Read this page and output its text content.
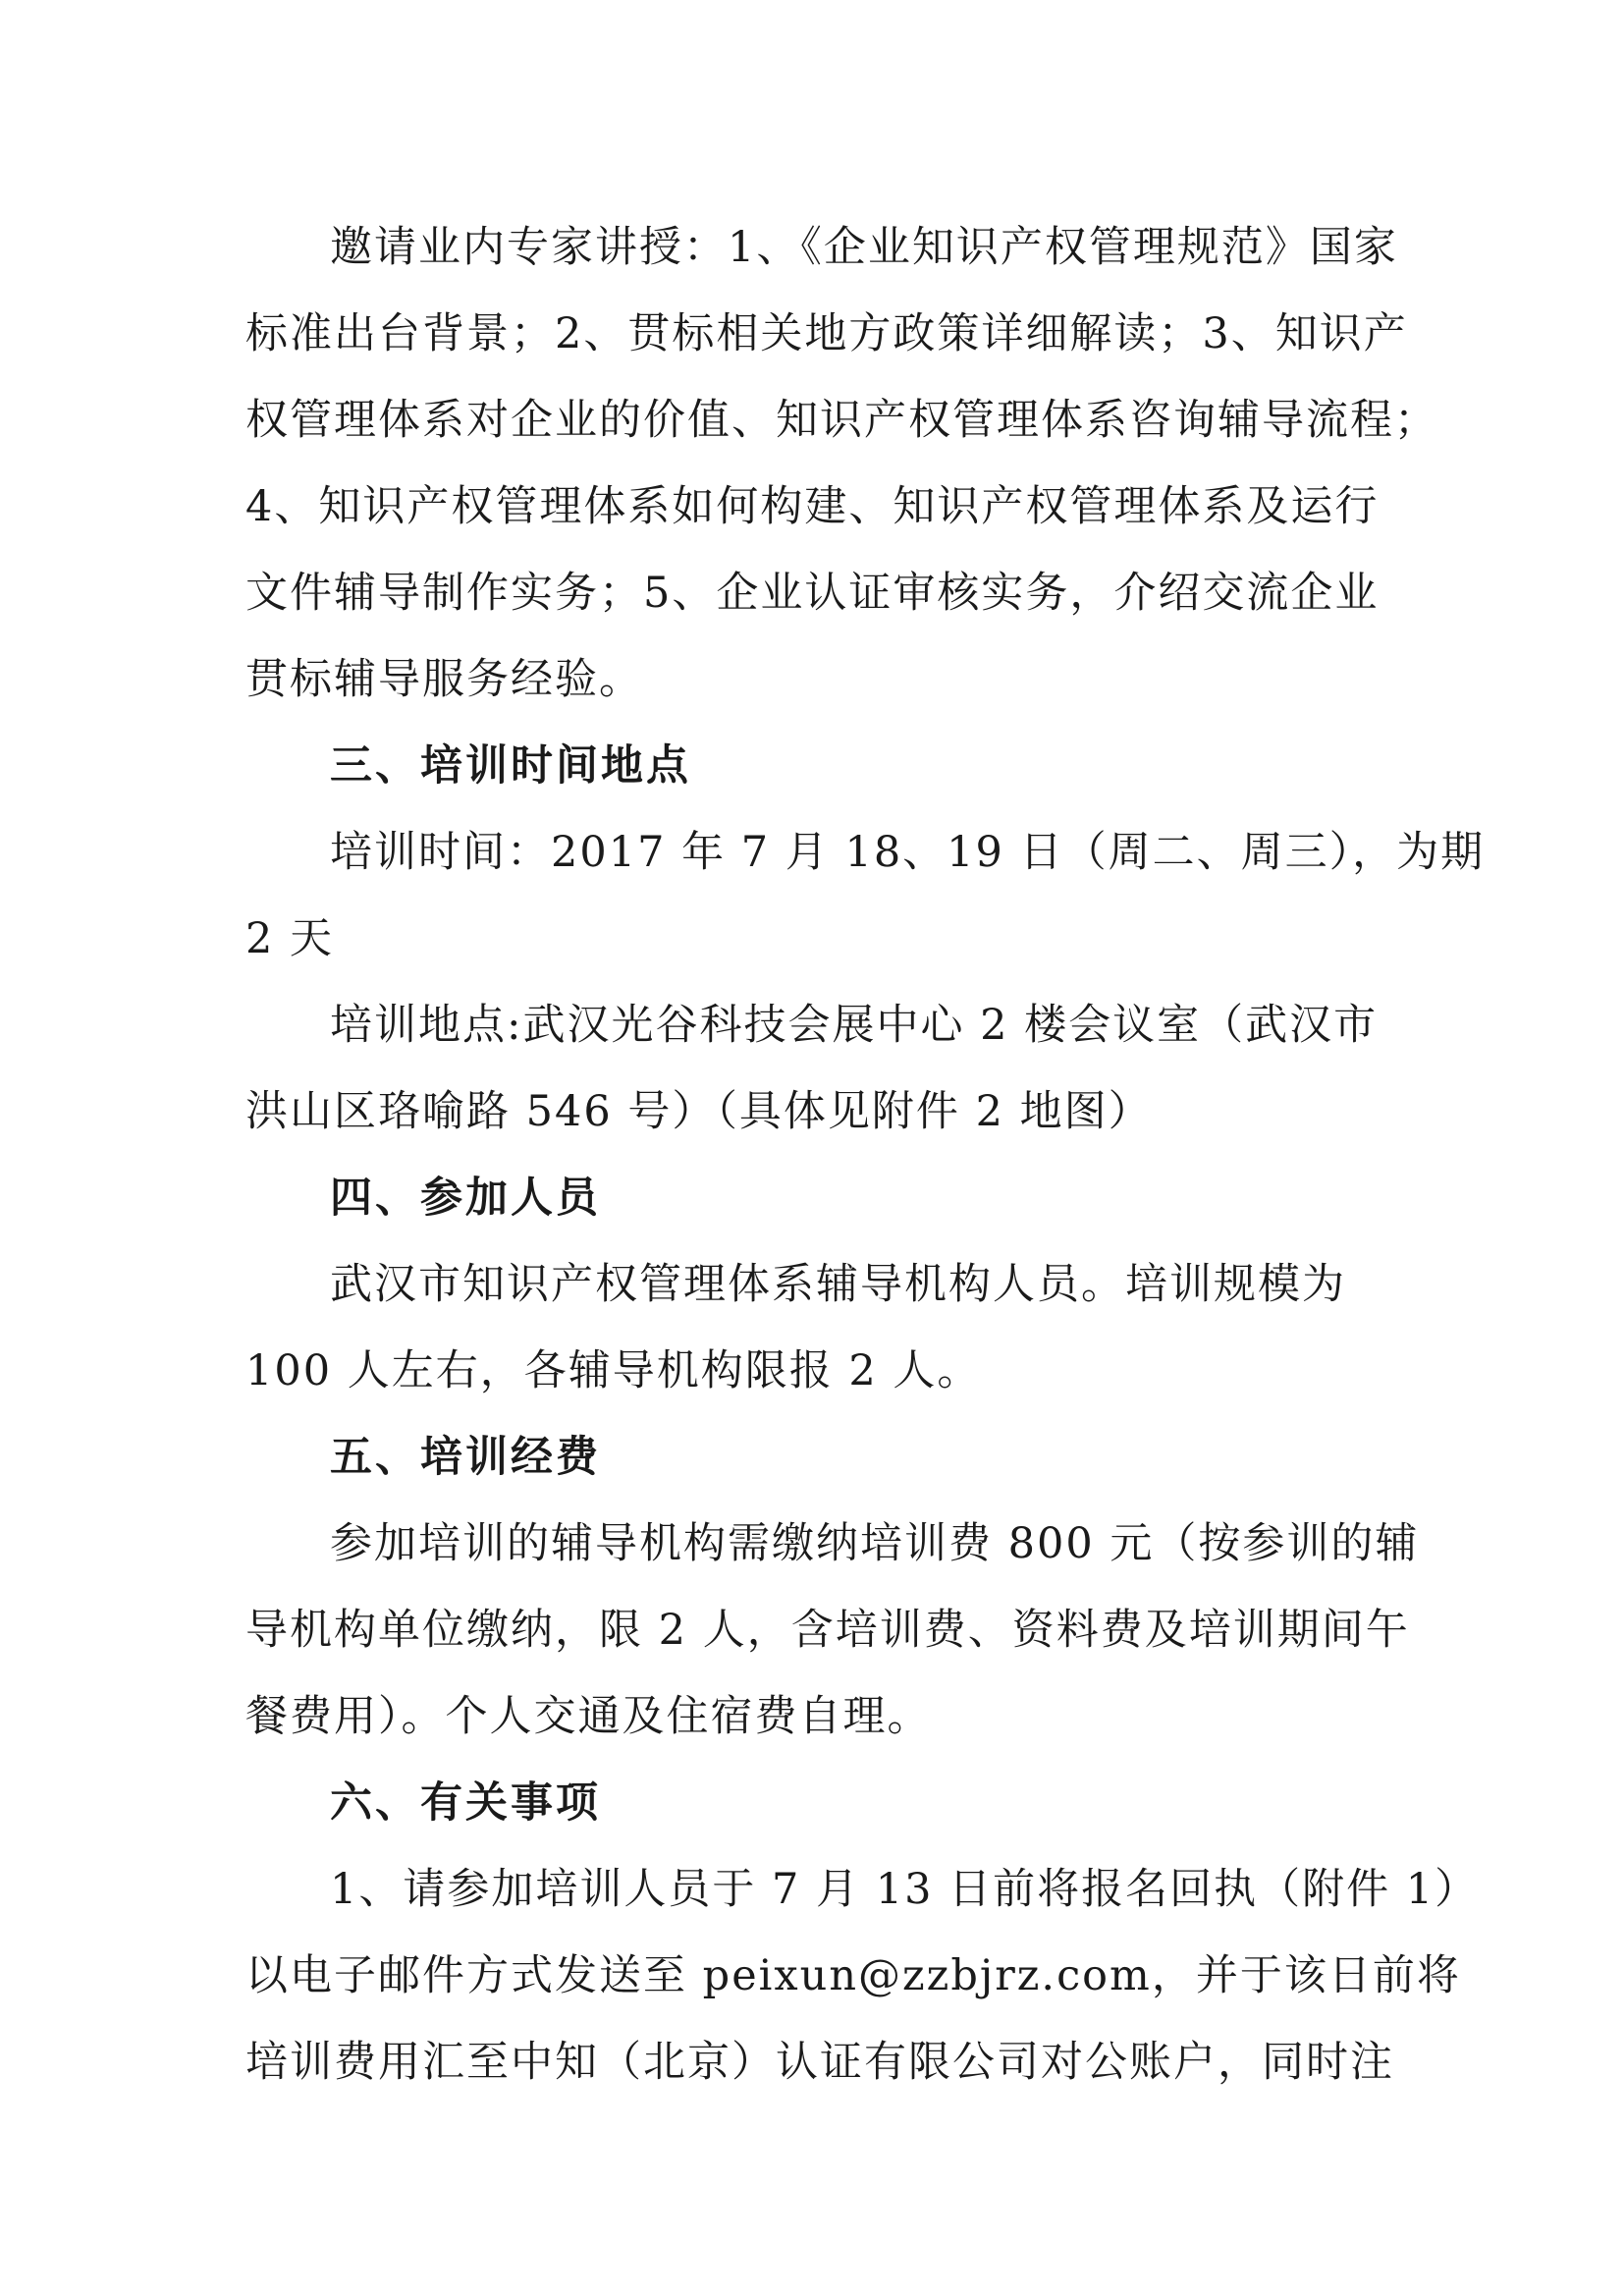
邀请业内专家讲授：1、《企业知识产权管理规范》国家
标准出台背景；2、贯标相关地方政策详细解读；3、知识产
权管理体系对企业的价值、知识产权管理体系咨询辅导流程；
4、知识产权管理体系如何构建、知识产权管理体系及运行
文件辅导制作实务；5、企业认证审核实务，介绍交流企业
贯标辅导服务经验。
三、培训时间地点
培训时间：2017 年 7 月 18、19 日（周二、周三），为期
2 天
培训地点:武汉光谷科技会展中心 2 楼会议室（武汉市
洪山区珞喻路 546 号）（具体见附件 2 地图）
四、参加人员
武汉市知识产权管理体系辅导机构人员。培训规模为
100 人左右，各辅导机构限报 2 人。
五、培训经费
参加培训的辅导机构需缴纳培训费 800 元（按参训的辅
导机构单位缴纳，限 2 人，含培训费、资料费及培训期间午
餐费用）。个人交通及住宿费自理。
六、有关事项
1、请参加培训人员于 7 月 13 日前将报名回执（附件 1）
以电子邮件方式发送至 peixun@zzbjrz.com，并于该日前将
培训费用汇至中知（北京）认证有限公司对公账户，同时注
